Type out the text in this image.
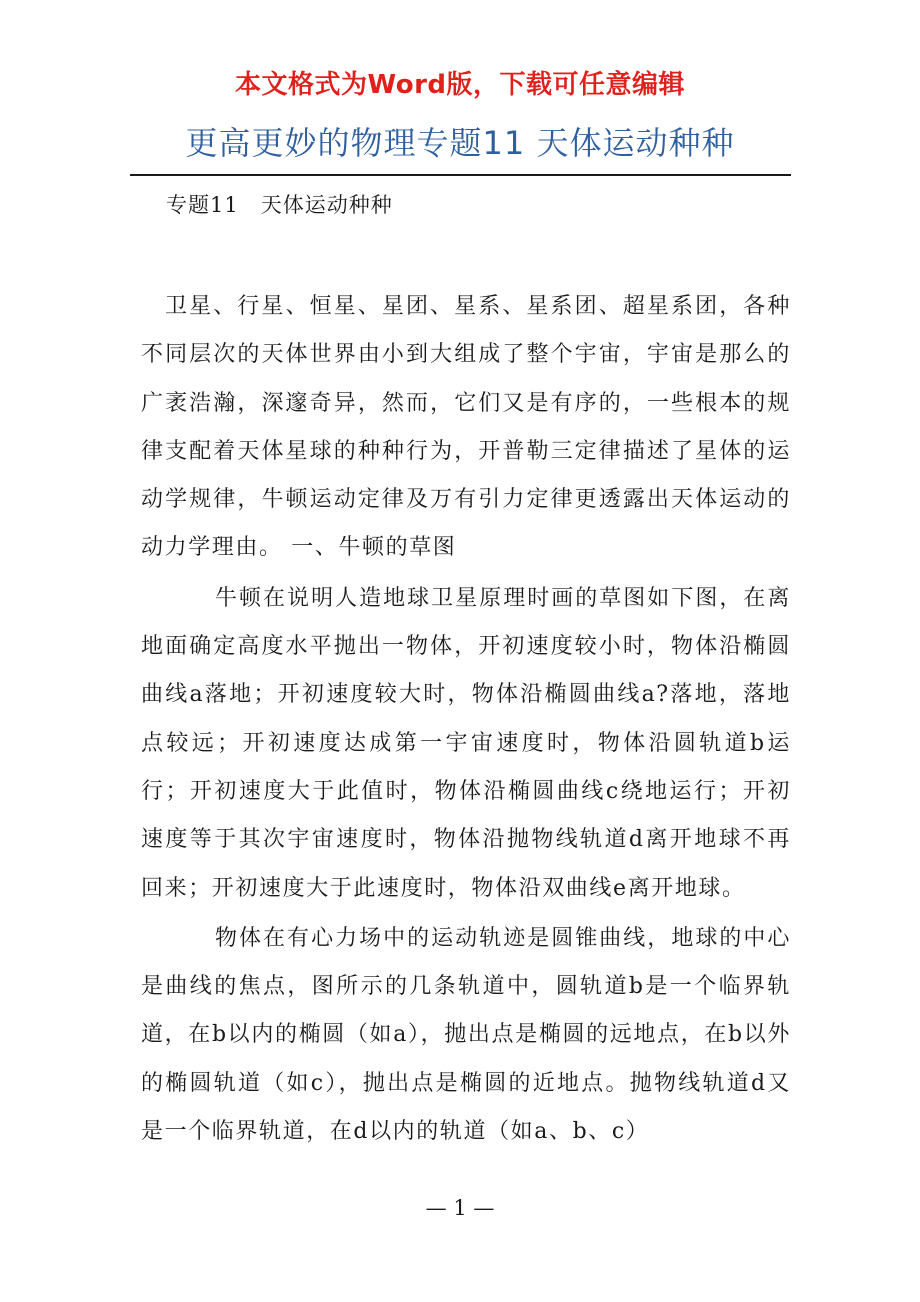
本文格式为Word版，下载可任意编辑
更高更妙的物理专题11 天体运动种种
专题11　天体运动种种

卫星、行星、恒星、星团、星系、星系团、超星系团，各种不同层次的天体世界由小到大组成了整个宇宙，宇宙是那么的广袤浩瀚，深邃奇异，然而，它们又是有序的，一些根本的规律支配着天体星球的种种行为，开普勒三定律描述了星体的运动学规律，牛顿运动定律及万有引力定律更透露出天体运动的动力学理由。 一、牛顿的草图

牛顿在说明人造地球卫星原理时画的草图如下图，在离地面确定高度水平抛出一物体，开初速度较小时，物体沿椭圆曲线a落地；开初速度较大时，物体沿椭圆曲线a?落地，落地点较远；开初速度达成第一宇宙速度时，物体沿圆轨道b运行；开初速度大于此值时，物体沿椭圆曲线c绕地运行；开初速度等于其次宇宙速度时，物体沿抛物线轨道d离开地球不再回来；开初速度大于此速度时，物体沿双曲线e离开地球。

物体在有心力场中的运动轨迹是圆锥曲线，地球的中心是曲线的焦点，图所示的几条轨道中，圆轨道b是一个临界轨道，在b以内的椭圆（如a），抛出点是椭圆的远地点，在b以外的椭圆轨道（如c），抛出点是椭圆的近地点。抛物线轨道d又是一个临界轨道，在d以内的轨道（如a、b、c）

— 1 —
